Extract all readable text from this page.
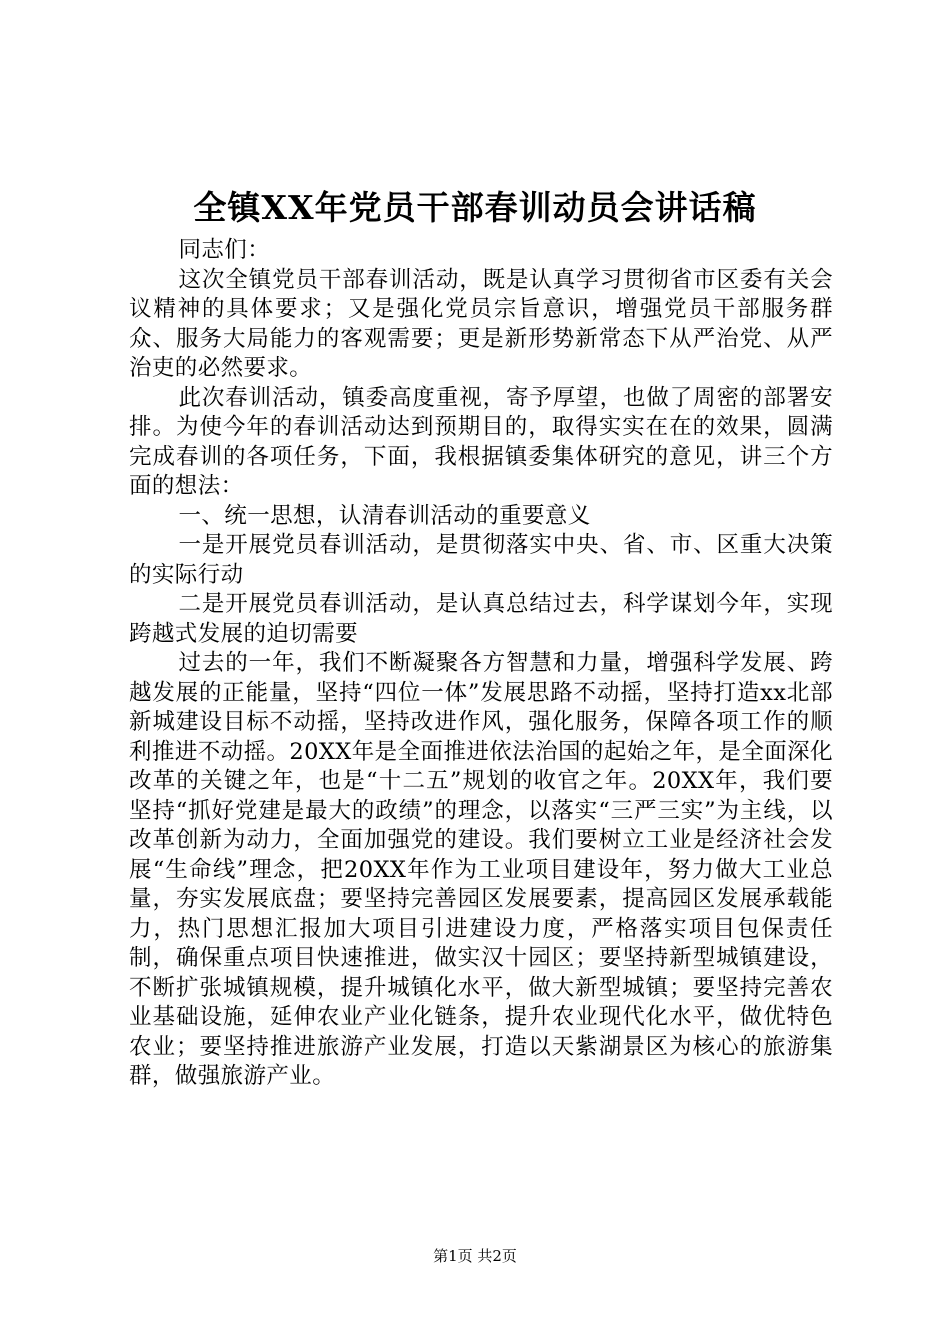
全镇XX年党员干部春训动员会讲话稿

同志们：

这次全镇党员干部春训活动，既是认真学习贯彻省市区委有关会议精神的具体要求；又是强化党员宗旨意识，增强党员干部服务群众、服务大局能力的客观需要；更是新形势新常态下从严治党、从严治吏的必然要求。

此次春训活动，镇委高度重视，寄予厚望，也做了周密的部署安排。为使今年的春训活动达到预期目的，取得实实在在的效果，圆满完成春训的各项任务，下面，我根据镇委集体研究的意见，讲三个方面的想法：

一、统一思想，认清春训活动的重要意义

一是开展党员春训活动，是贯彻落实中央、省、市、区重大决策的实际行动

二是开展党员春训活动，是认真总结过去，科学谋划今年，实现跨越式发展的迫切需要

过去的一年，我们不断凝聚各方智慧和力量，增强科学发展、跨越发展的正能量，坚持“四位一体”发展思路不动摇，坚持打造xx北部新城建设目标不动摇，坚持改进作风，强化服务，保障各项工作的顺利推进不动摇。20XX年是全面推进依法治国的起始之年，是全面深化改革的关键之年，也是“十二五”规划的收官之年。20XX年，我们要坚持“抓好党建是最大的政绩”的理念，以落实“三严三实”为主线，以改革创新为动力，全面加强党的建设。我们要树立工业是经济社会发展“生命线”理念，把20XX年作为工业项目建设年，努力做大工业总量，夯实发展底盘；要坚持完善园区发展要素，提高园区发展承载能力，热门思想汇报加大项目引进建设力度，严格落实项目包保责任制，确保重点项目快速推进，做实汉十园区；要坚持新型城镇建设，不断扩张城镇规模，提升城镇化水平，做大新型城镇；要坚持完善农业基础设施，延伸农业产业化链条，提升农业现代化水平，做优特色农业；要坚持推进旅游产业发展，打造以天紫湖景区为核心的旅游集群，做强旅游产业。

第1页 共2页
